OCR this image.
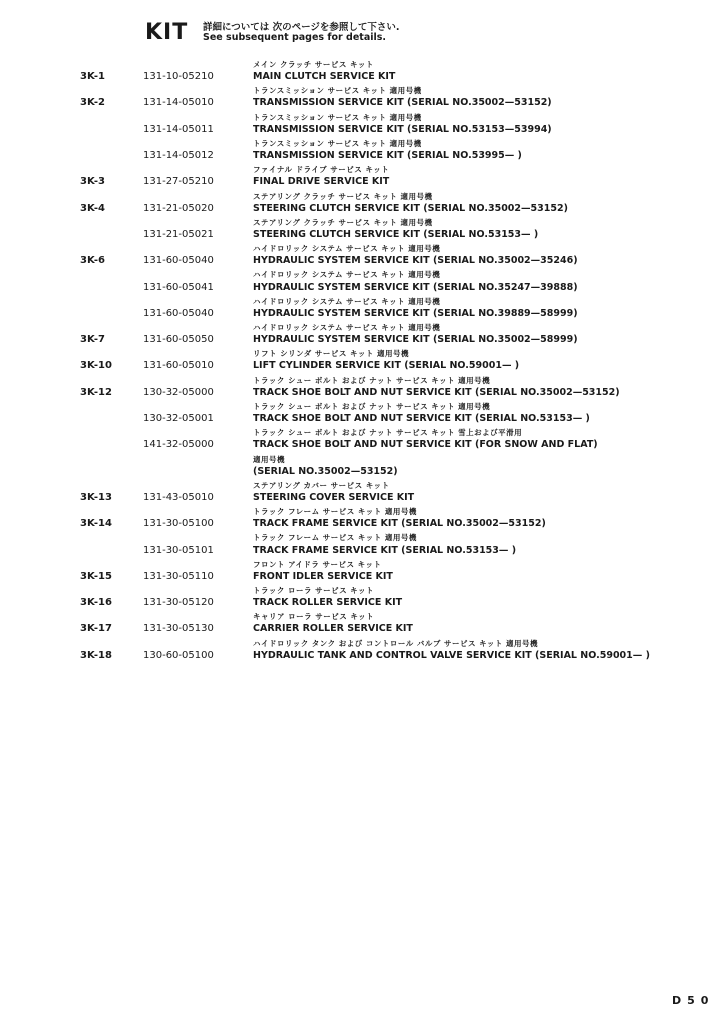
KIT 詳細については 次のページを参照して下さい.
See subsequent pages for details.
メイン クラッチ サービス キット
3K-1	131-10-05210	MAIN CLUTCH SERVICE KIT
トランスミッション サービス キット 適用号機
3K-2	131-14-05010	TRANSMISSION SERVICE KIT (SERIAL NO.35002—53152)
トランスミッション サービス キット 適用号機
131-14-05011	TRANSMISSION SERVICE KIT (SERIAL NO.53153—53994)
トランスミッション サービス キット 適用号機
131-14-05012	TRANSMISSION SERVICE KIT (SERIAL NO.53995— )
ファイナル ドライブ サービス キット
3K-3	131-27-05210	FINAL DRIVE SERVICE KIT
ステアリング クラッチ サービス キット 適用号機
3K-4	131-21-05020	STEERING CLUTCH SERVICE KIT (SERIAL NO.35002—53152)
ステアリング クラッチ サービス キット 適用号機
131-21-05021	STEERING CLUTCH SERVICE KIT (SERIAL NO.53153— )
ハイドロリック システム サービス キット 適用号機
3K-6	131-60-05040	HYDRAULIC SYSTEM SERVICE KIT (SERIAL NO.35002—35246)
ハイドロリック システム サービス キット 適用号機
131-60-05041	HYDRAULIC SYSTEM SERVICE KIT (SERIAL NO.35247—39888)
ハイドロリック システム サービス キット 適用号機
131-60-05040	HYDRAULIC SYSTEM SERVICE KIT (SERIAL NO.39889—58999)
ハイドロリック システム サービス キット 適用号機
3K-7	131-60-05050	HYDRAULIC SYSTEM SERVICE KIT (SERIAL NO.35002—58999)
リフト シリンダ サービス キット 適用号機
3K-10	131-60-05010	LIFT CYLINDER SERVICE KIT (SERIAL NO.59001— )
トラック シュー ボルト および ナット サービス キット 適用号機
3K-12	130-32-05000	TRACK SHOE BOLT AND NUT SERVICE KIT (SERIAL NO.35002—53152)
トラック シュー ボルト および ナット サービス キット 適用号機
130-32-05001	TRACK SHOE BOLT AND NUT SERVICE KIT (SERIAL NO.53153— )
トラック シュー ボルト および ナット サービス キット 雪上および平滑用
141-32-05000	TRACK SHOE BOLT AND NUT SERVICE KIT (FOR SNOW AND FLAT)
適用号機
(SERIAL NO.35002—53152)
ステアリング カバー サービス キット
3K-13	131-43-05010	STEERING COVER SERVICE KIT
トラック フレーム サービス キット 適用号機
3K-14	131-30-05100	TRACK FRAME SERVICE KIT (SERIAL NO.35002—53152)
トラック フレーム サービス キット 適用号機
131-30-05101	TRACK FRAME SERVICE KIT (SERIAL NO.53153— )
フロント アイドラ サービス キット
3K-15	131-30-05110	FRONT IDLER SERVICE KIT
トラック ローラ サービス キット
3K-16	131-30-05120	TRACK ROLLER SERVICE KIT
キャリア ローラ サービス キット
3K-17	131-30-05130	CARRIER ROLLER SERVICE KIT
ハイドロリック タンク および コントロール バルブ サービス キット 適用号機
3K-18	130-60-05100	HYDRAULIC TANK AND CONTROL VALVE SERVICE KIT (SERIAL NO.59001— )
D50
